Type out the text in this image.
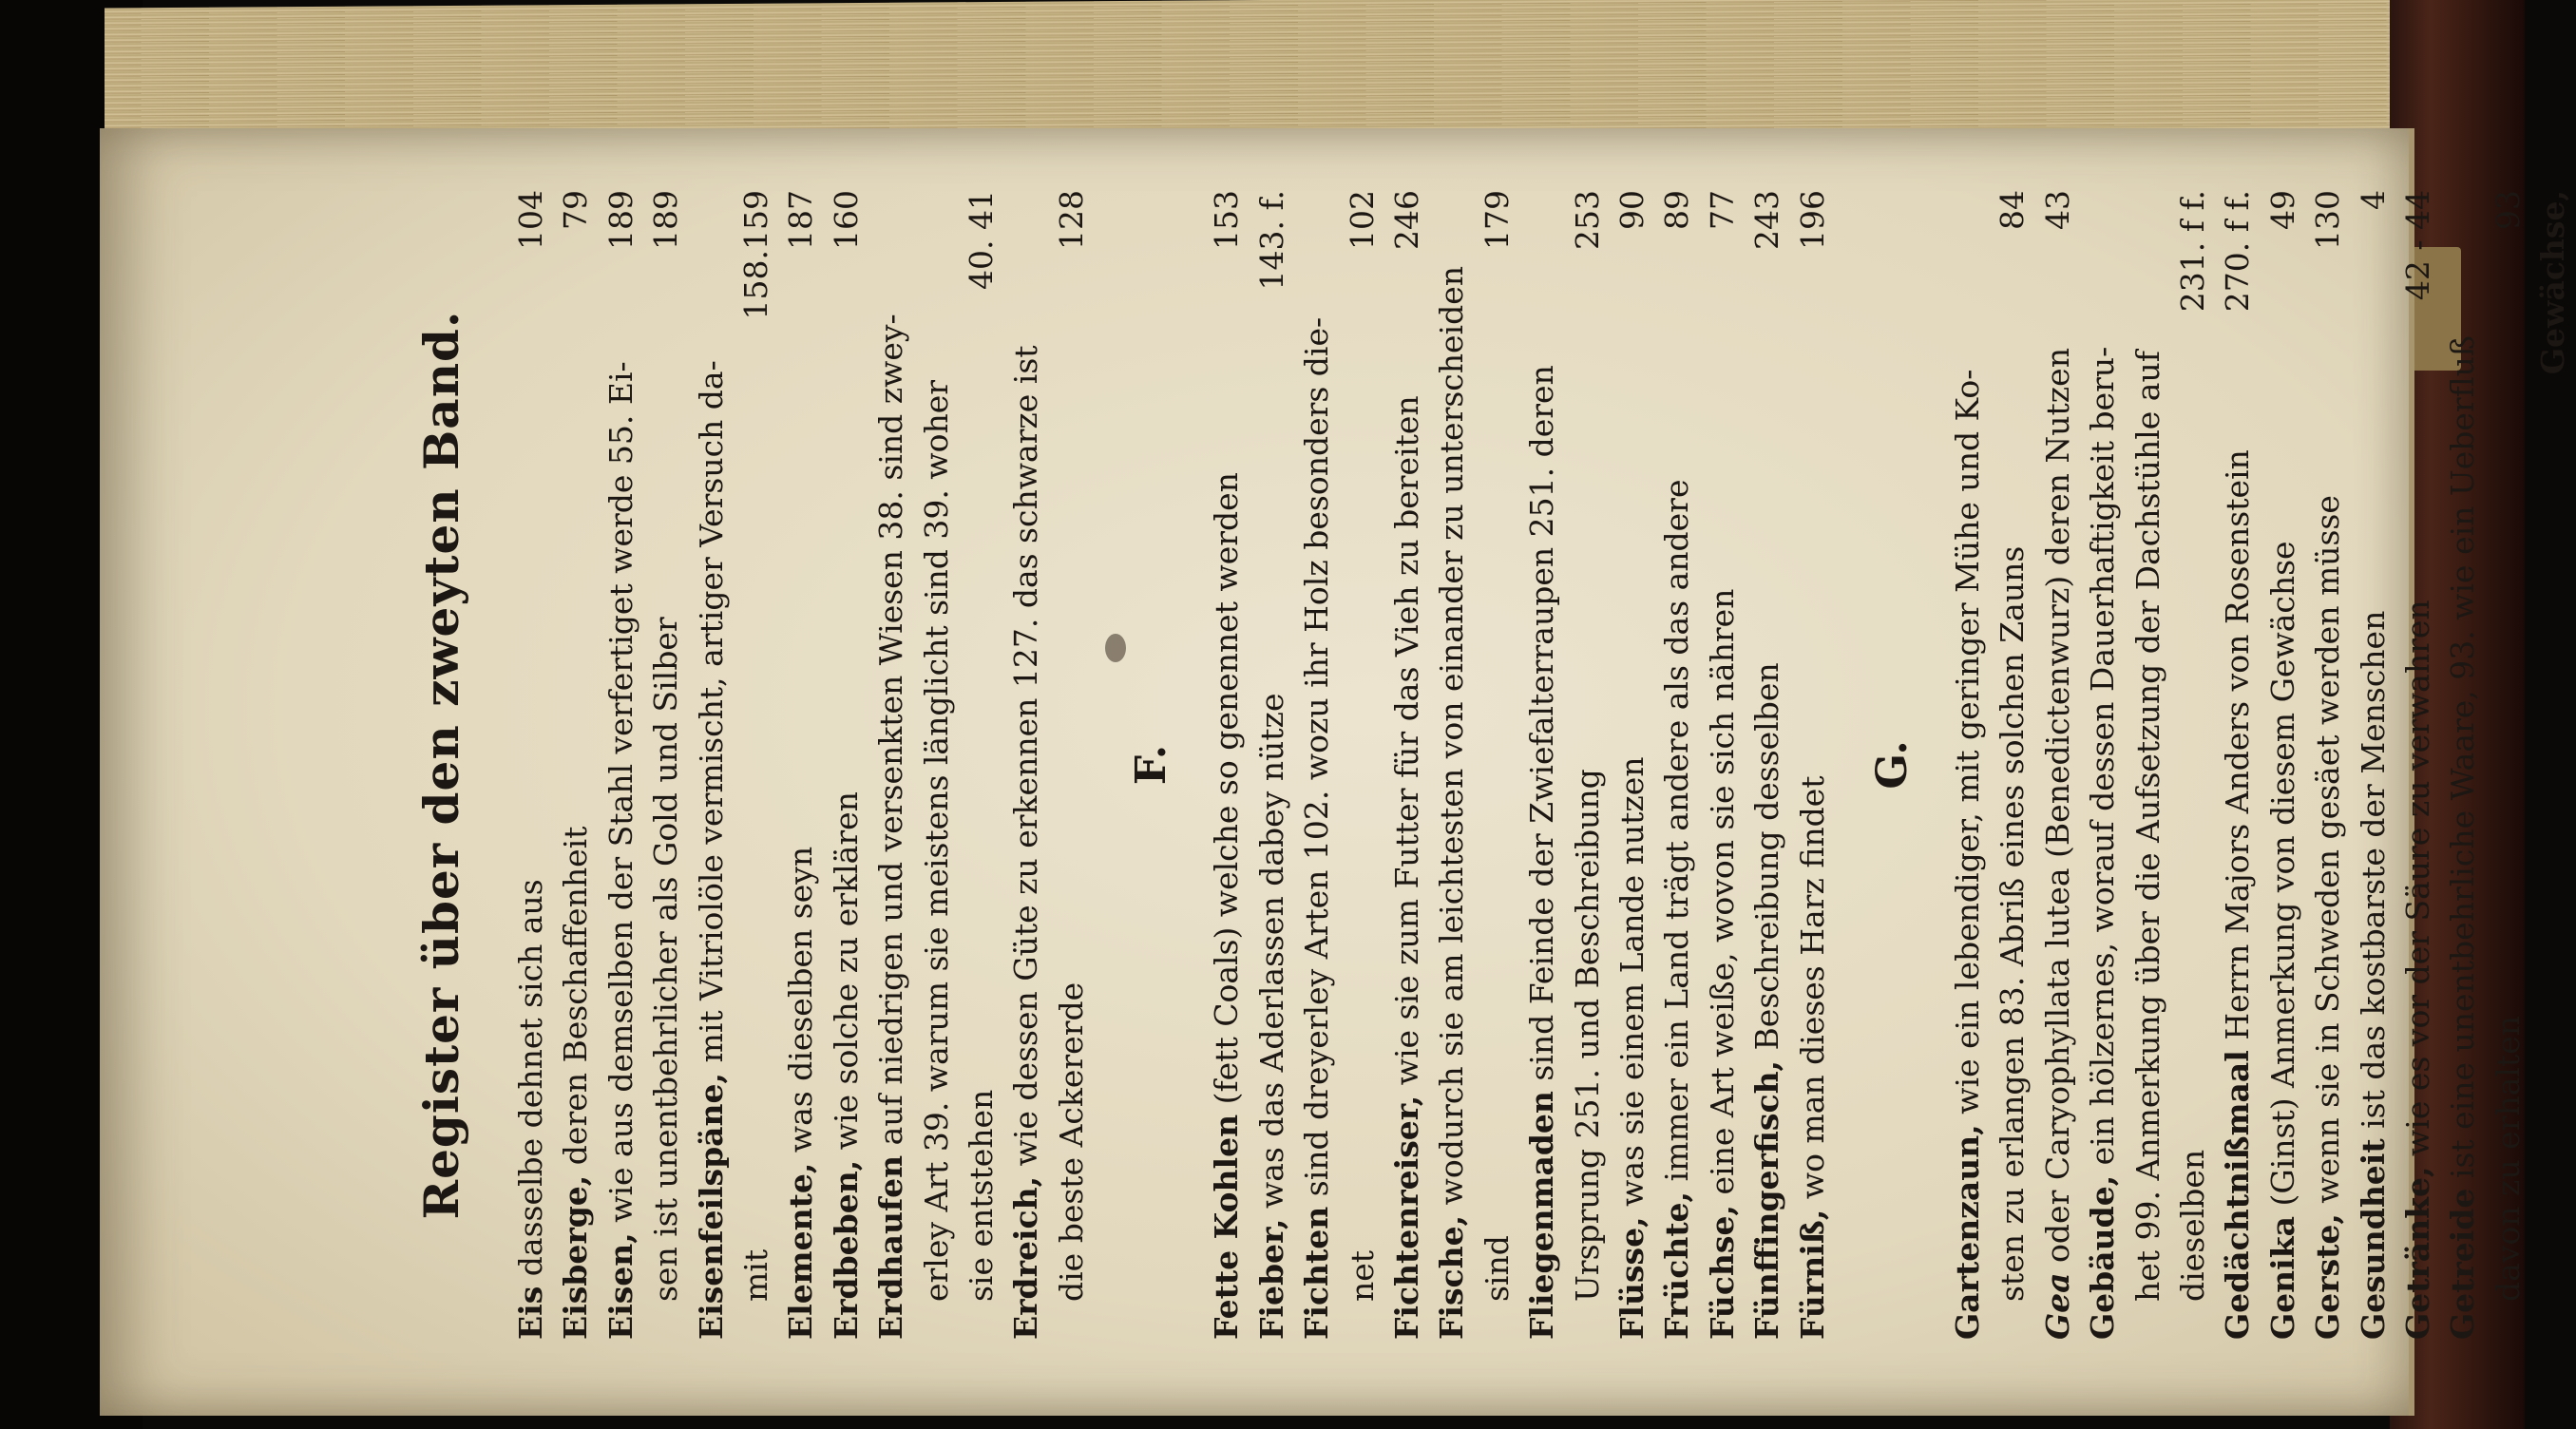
Register über den zweyten Band.
Eis dasselbe dehnet sich aus
104
Eisberge, deren Beschaffenheit
79
Eisen, wie aus demselben der Stahl verfertiget werde 55. Ei-
189
sen ist unentbehrlicher als Gold und Silber
189
Eisenfeilspäne, mit Vitriolöle vermischt, artiger Versuch da-
mit
158.159
Elemente, was dieselben seyn
187
Erdbeben, wie solche zu erklären
160
Erdhaufen auf niedrigen und versenkten Wiesen 38. sind zwey- erley Art 39. warum sie meistens länglicht sind 39. woher sie entstehen
40. 41
Erdreich, wie dessen Güte zu erkennen 127. das schwarze ist die beste Ackererde
128
F.
Fette Kohlen (fett Coals) welche so genennet werden
153
Fieber, was das Aderlassen dabey nütze
143. f.
Fichten sind dreyerley Arten 102. wozu ihr Holz besonders die-
net
102
Fichtenreiser, wie sie zum Futter für das Vieh zu bereiten
246
Fische, wodurch sie am leichtesten von einander zu unterscheiden
sind
179
Fliegenmaden sind Feinde der Zwiefalterraupen 251. deren Ursprung 251. und Beschreibung
253
Flüsse, was sie einem Lande nutzen
90
Früchte, immer ein Land trägt andere als das andere
89
Füchse, eine Art weiße, wovon sie sich nähren
77
Fünffingerfisch, Beschreibung desselben
243
Fürniß, wo man dieses Harz findet
196
G.
Gartenzaun, wie ein lebendiger, mit geringer Mühe und Ko- sten zu erlangen 83. Abriß eines solchen Zauns
84
Gea oder Caryophyllata lutea (Benedictenwurz) deren Nutzen
43
Gebäude, ein hölzernes, worauf dessen Dauerhaftigkeit beru- het 99. Anmerkung über die Aufsetzung der Dachstühle auf dieselben
231. f f.
Gedächtnißmaal Herrn Majors Anders von Rosenstein
270. f f.
Genika (Ginst) Anmerkung von diesem Gewächse
49
Gerste, wenn sie in Schweden gesäet werden müsse
130
Gesundheit ist das kostbarste der Menschen
4
Getränke, wie es vor der Säure zu verwahren
42 - 44
Getreide ist eine unentbehrliche Waare, 93. wie ein Ueberfluß davon zu erhalten
93 Gewächse,
